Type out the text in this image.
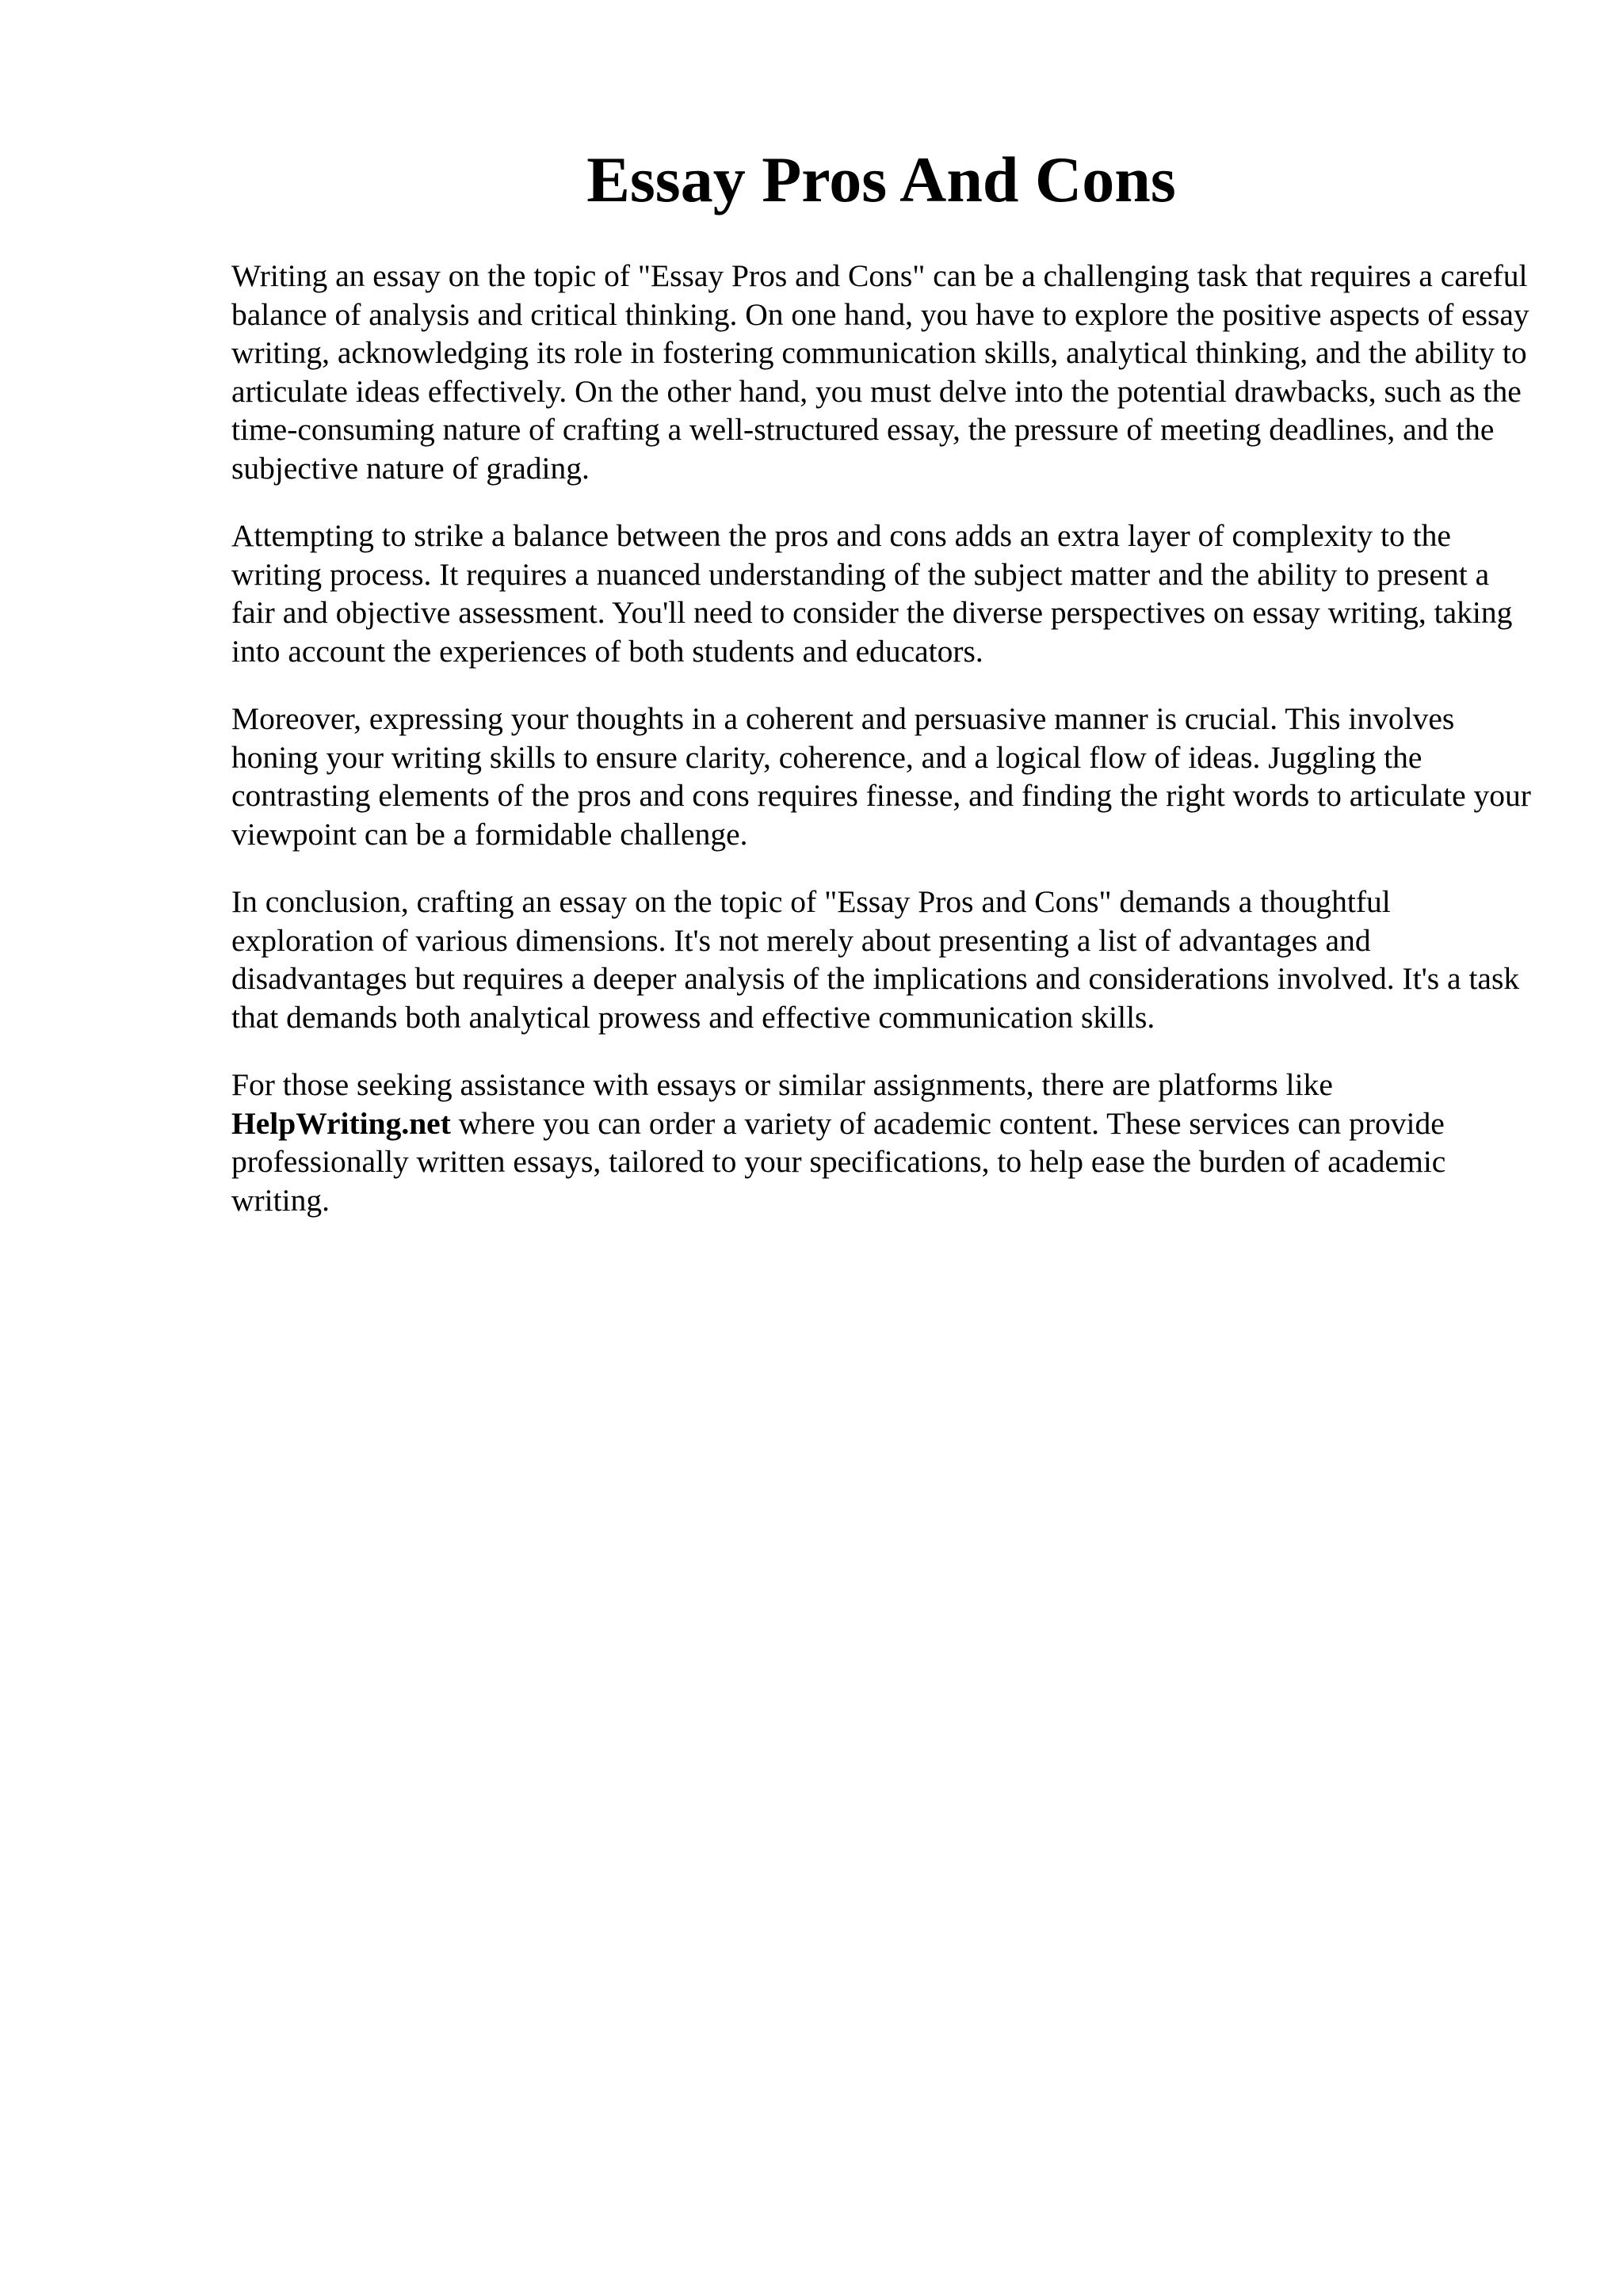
Essay Pros And Cons

Writing an essay on the topic of "Essay Pros and Cons" can be a challenging task that requires a careful balance of analysis and critical thinking. On one hand, you have to explore the positive aspects of essay writing, acknowledging its role in fostering communication skills, analytical thinking, and the ability to articulate ideas effectively. On the other hand, you must delve into the potential drawbacks, such as the time-consuming nature of crafting a well-structured essay, the pressure of meeting deadlines, and the subjective nature of grading.

Attempting to strike a balance between the pros and cons adds an extra layer of complexity to the writing process. It requires a nuanced understanding of the subject matter and the ability to present a fair and objective assessment. You'll need to consider the diverse perspectives on essay writing, taking into account the experiences of both students and educators.

Moreover, expressing your thoughts in a coherent and persuasive manner is crucial. This involves honing your writing skills to ensure clarity, coherence, and a logical flow of ideas. Juggling the contrasting elements of the pros and cons requires finesse, and finding the right words to articulate your viewpoint can be a formidable challenge.

In conclusion, crafting an essay on the topic of "Essay Pros and Cons" demands a thoughtful exploration of various dimensions. It's not merely about presenting a list of advantages and disadvantages but requires a deeper analysis of the implications and considerations involved. It's a task that demands both analytical prowess and effective communication skills.

For those seeking assistance with essays or similar assignments, there are platforms like HelpWriting.net where you can order a variety of academic content. These services can provide professionally written essays, tailored to your specifications, to help ease the burden of academic writing.
